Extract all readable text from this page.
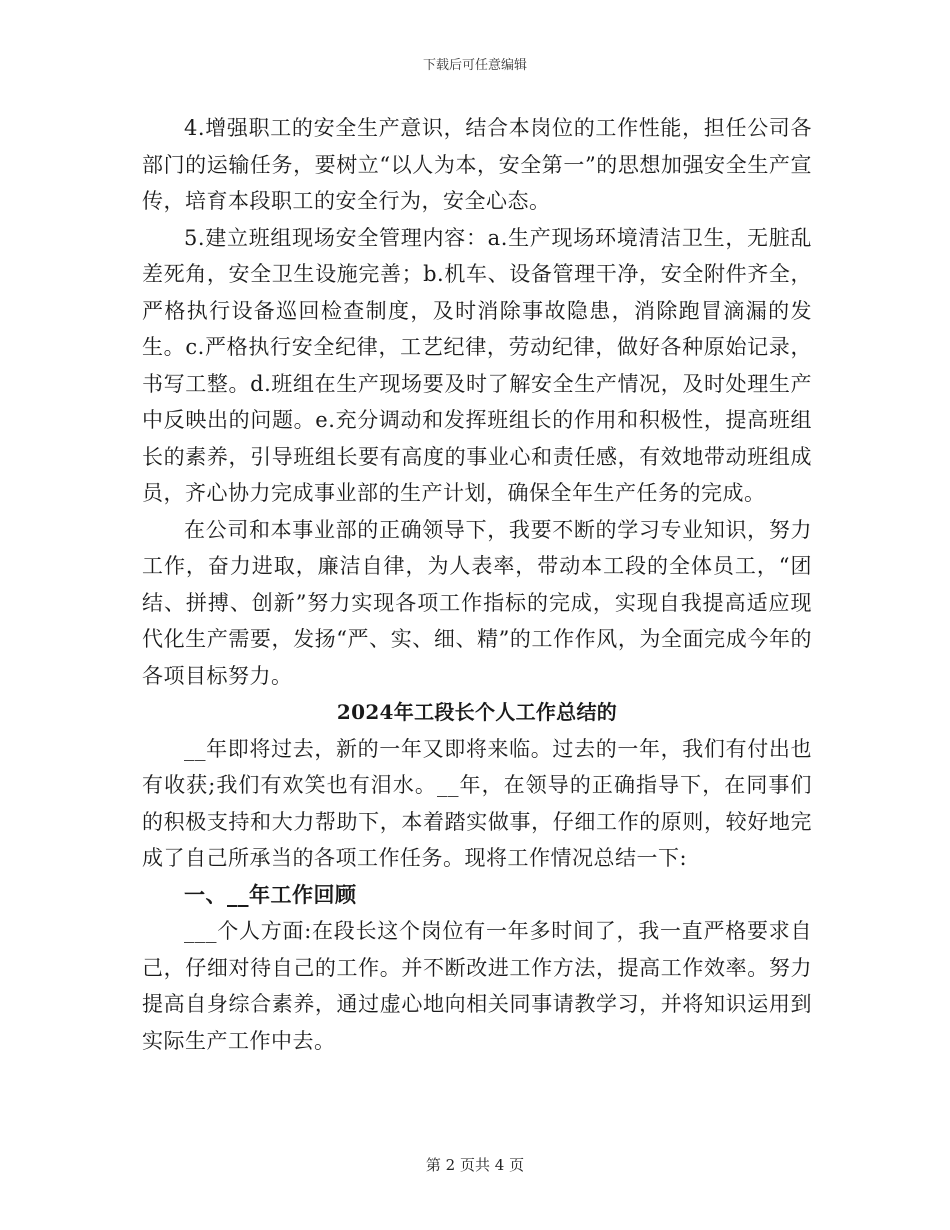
下载后可任意编辑

4.增强职工的安全生产意识，结合本岗位的工作性能，担任公司各部门的运输任务，要树立“以人为本，安全第一”的思想加强安全生产宣传，培育本段职工的安全行为，安全心态。

5.建立班组现场安全管理内容：a.生产现场环境清洁卫生，无脏乱差死角，安全卫生设施完善；b.机车、设备管理干净，安全附件齐全，严格执行设备巡回检查制度，及时消除事故隐患，消除跑冒滴漏的发生。c.严格执行安全纪律，工艺纪律，劳动纪律，做好各种原始记录，书写工整。d.班组在生产现场要及时了解安全生产情况，及时处理生产中反映出的问题。e.充分调动和发挥班组长的作用和积极性，提高班组长的素养，引导班组长要有高度的事业心和责任感，有效地带动班组成员，齐心协力完成事业部的生产计划，确保全年生产任务的完成。

在公司和本事业部的正确领导下，我要不断的学习专业知识，努力工作，奋力进取，廉洁自律，为人表率，带动本工段的全体员工，“团结、拼搏、创新”努力实现各项工作指标的完成，实现自我提高适应现代化生产需要，发扬“严、实、细、精”的工作作风，为全面完成今年的各项目标努力。

2024年工段长个人工作总结的

__年即将过去，新的一年又即将来临。过去的一年，我们有付出也有收获;我们有欢笑也有泪水。__年，在领导的正确指导下，在同事们的积极支持和大力帮助下，本着踏实做事，仔细工作的原则，较好地完成了自己所承当的各项工作任务。现将工作情况总结一下:

一、__年工作回顾

___个人方面:在段长这个岗位有一年多时间了，我一直严格要求自己，仔细对待自己的工作。并不断改进工作方法，提高工作效率。努力提高自身综合素养，通过虚心地向相关同事请教学习，并将知识运用到实际生产工作中去。

第 2 页共 4 页
